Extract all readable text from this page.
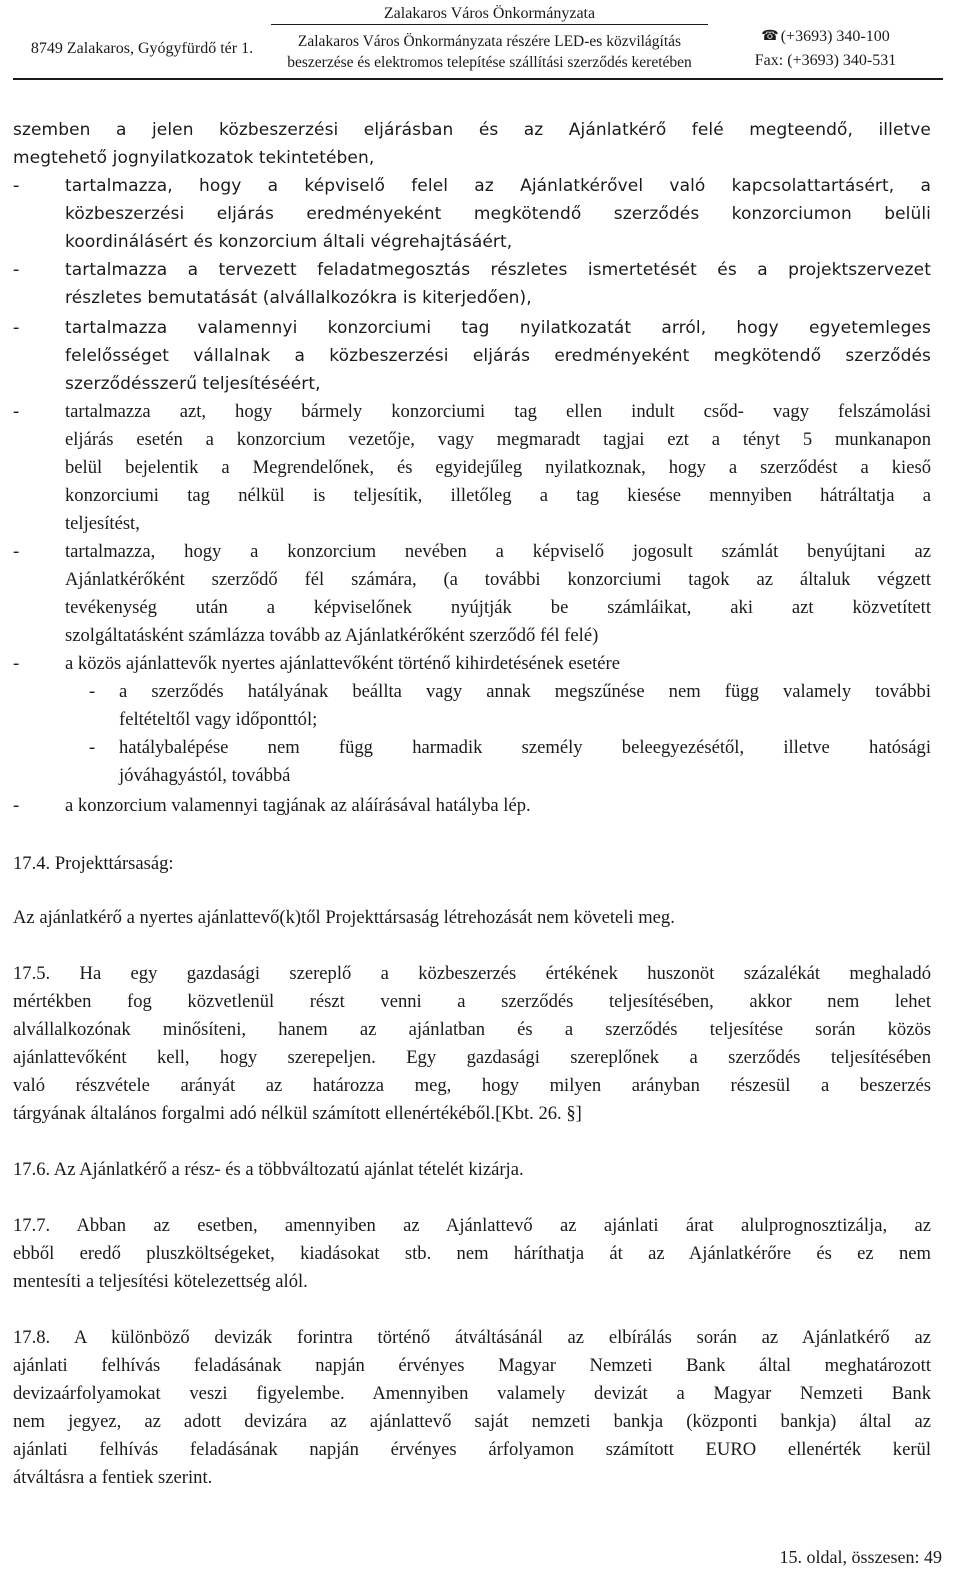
8749 Zalakaros, Gyógyfürdő tér 1.
Zalakaros Város Önkormányzata
Zalakaros Város Önkormányzata részére LED-es közvilágítás
beszerzése és elektromos telepítése szállítási szerződés keretében
☎ (+3693) 340-100
Fax: (+3693) 340-531
szemben a jelen közbeszerzési eljárásban és az Ajánlatkérő felé megteendő, illetve
megtehető jognyilatkozatok tekintetében,
-	tartalmazza, hogy a képviselő felel az Ajánlatkérővel való kapcsolattartásért, a
közbeszerzési eljárás eredményeként megkötendő szerződés konzorciumon belüli
koordinálásért és konzorcium általi végrehajtásáért,
-	tartalmazza a tervezett feladatmegosztás részletes ismertetését és a projektszervezet
részletes bemutatását (alvállalkozókra is kiterjedően),
-	tartalmazza valamennyi konzorciumi tag nyilatkozatát arról, hogy egyetemleges
felelősséget vállalnak a közbeszerzési eljárás eredményeként megkötendő szerződés
szerződésszerű teljesítéséért,
- tartalmazza azt, hogy bármely konzorciumi tag ellen indult csőd- vagy felszámolási
eljárás esetén a konzorcium vezetője, vagy megmaradt tagjai ezt a tényt 5 munkanapon
belül bejelentik a Megrendelőnek, és egyidejűleg nyilatkoznak, hogy a szerződést a kieső
konzorciumi tag nélkül is teljesítik, illetőleg a tag kiesése mennyiben hátráltatja a
teljesítést,
- tartalmazza, hogy a konzorcium nevében a képviselő jogosult számlát benyújtani az
Ajánlatkérőként szerződő fél számára, (a további konzorciumi tagok az általuk végzett
tevékenység után a képviselőnek nyújtják be számláikat, aki azt közvetített
szolgáltatásként számlázza tovább az Ajánlatkérőként szerződő fél felé)
- a közös ajánlattevők nyertes ajánlattevőként történő kihirdetésének esetére
- a szerződés hatályának beállta vagy annak megszűnése nem függ valamely további
feltételtől vagy időponttól;
- hatálybalépése nem függ harmadik személy beleegyezésétől, illetve hatósági
jóváhagyástól, továbbá
- a konzorcium valamennyi tagjának az aláírásával hatályba lép.
17.4. Projekttársaság:
Az ajánlatkérő a nyertes ajánlattevő(k)től Projekttársaság létrehozását nem követeli meg.
17.5. Ha egy gazdasági szereplő a közbeszerzés értékének huszonöt százalékát meghaladó
mértékben fog közvetlenül részt venni a szerződés teljesítésében, akkor nem lehet
alvállalkozónak minősíteni, hanem az ajánlatban és a szerződés teljesítése során közös
ajánlattevőként kell, hogy szerepeljen. Egy gazdasági szereplőnek a szerződés teljesítésében
való részvétele arányát az határozza meg, hogy milyen arányban részesül a beszerzés
tárgyának általános forgalmi adó nélkül számított ellenértékéből.[Kbt. 26. §]
17.6. Az Ajánlatkérő a rész- és a többváltozatú ajánlat tételét kizárja.
17.7. Abban az esetben, amennyiben az Ajánlattevő az ajánlati árat alulprognosztizálja, az
ebből eredő pluszköltségeket, kiadásokat stb. nem háríthatja át az Ajánlatkérőre és ez nem
mentesíti a teljesítési kötelezettség alól.
17.8. A különböző devizák forintra történő átváltásánál az elbírálás során az Ajánlatkérő az
ajánlati felhívás feladásának napján érvényes Magyar Nemzeti Bank által meghatározott
devizaárfolyamokat veszi figyelembe. Amennyiben valamely devizát a Magyar Nemzeti Bank
nem jegyez, az adott devizára az ajánlattevő saját nemzeti bankja (központi bankja) által az
ajánlati felhívás feladásának napján érvényes árfolyamon számított EURO ellenérték kerül
átváltásra a fentiek szerint.
15. oldal, összesen: 49
